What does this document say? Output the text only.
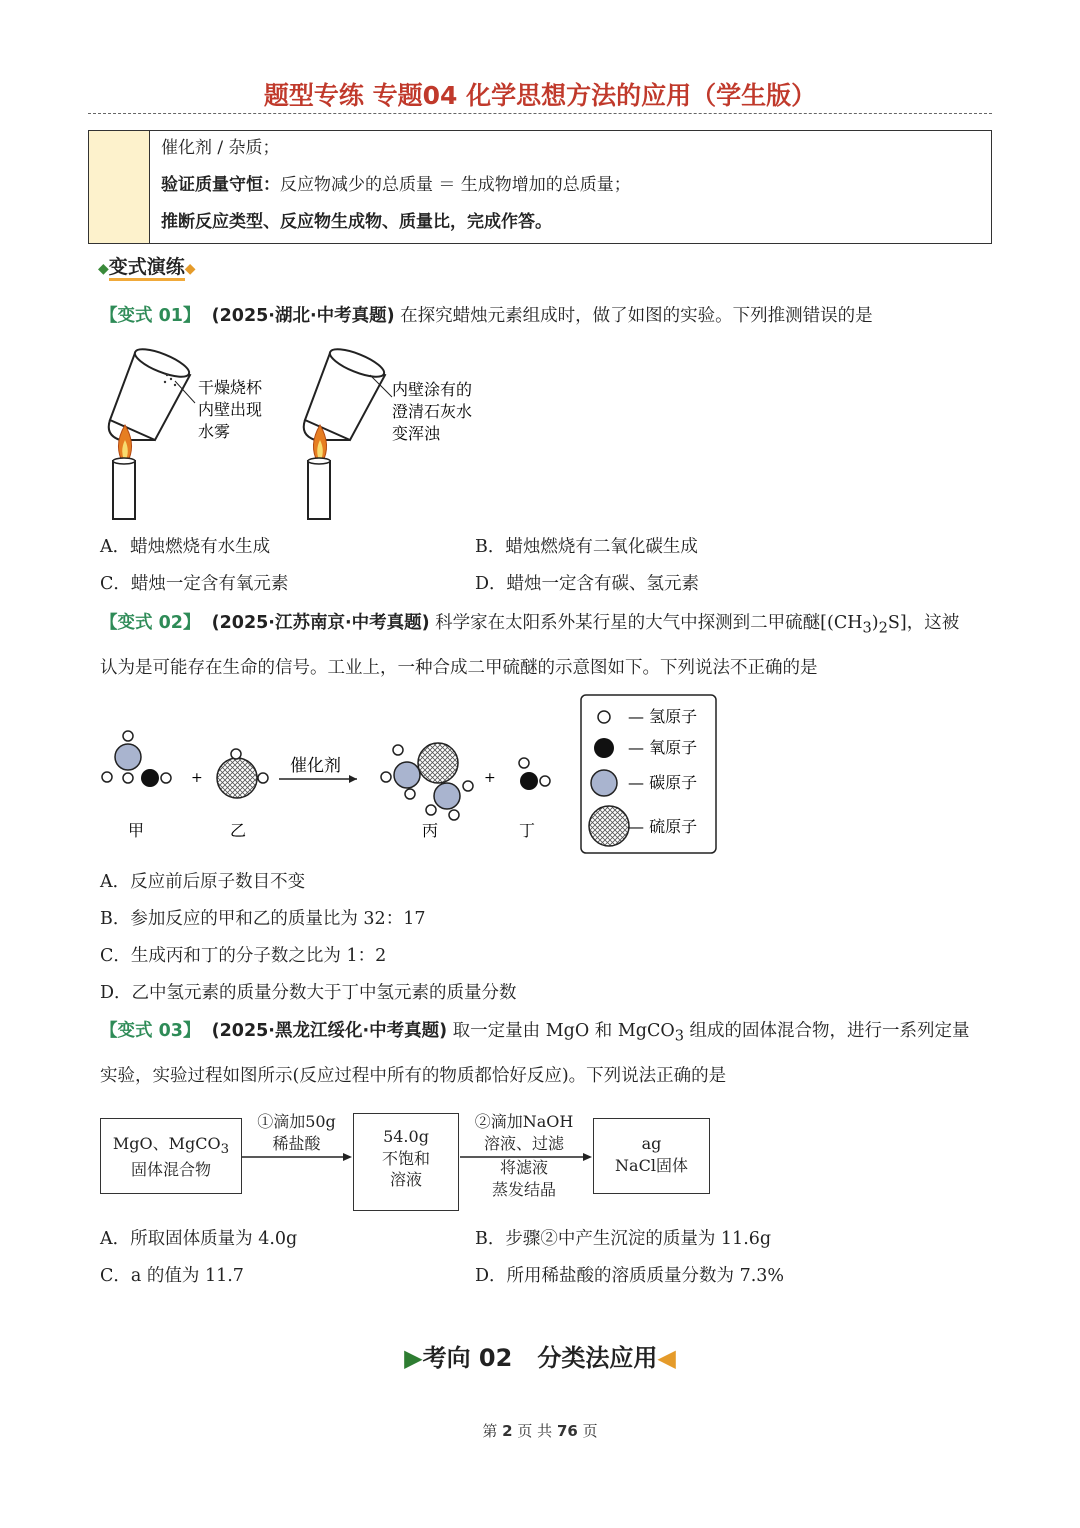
题型专练 专题04 化学思想方法的应用（学生版）
催化剂 / 杂质；
验证质量守恒：反应物减少的总质量 ＝ 生成物增加的总质量；
推断反应类型、反应物生成物、质量比，完成作答。
◆变式演练◆
【变式 01】 (2025·湖北·中考真题) 在探究蜡烛元素组成时，做了如图的实验。下列推测错误的是
干燥烧杯
内壁出现
水雾
内壁涂有的
澄清石灰水
变浑浊
A．蜡烛燃烧有水生成	B．蜡烛燃烧有二氧化碳生成
C．蜡烛一定含有氧元素	D．蜡烛一定含有碳、氢元素
【变式 02】 (2025·江苏南京·中考真题) 科学家在太阳系外某行星的大气中探测到二甲硫醚$[(CH_3)_2S]$，这被
认为是可能存在生命的信号。工业上，一种合成二甲硫醚的示意图如下。下列说法不正确的是
+
催化剂
+
甲	乙	丙	丁
— 氢原子
— 氧原子
— 碳原子
— 硫原子
A．反应前后原子数目不变
B．参加反应的甲和乙的质量比为 32：17
C．生成丙和丁的分子数之比为 1：2
D．乙中氢元素的质量分数大于丁中氢元素的质量分数
【变式 03】 (2025·黑龙江绥化·中考真题) 取一定量由 MgO 和 MgCO$_3$ 组成的固体混合物，进行一系列定量
实验，实验过程如图所示(反应过程中所有的物质都恰好反应)。下列说法正确的是
MgO、MgCO$_3$
固体混合物
①滴加50g
稀盐酸	54.0g
不饱和
溶液
②滴加NaOH
溶液、过滤
将滤液
蒸发结晶
ag
NaCl固体
A．所取固体质量为 4.0g	B．步骤②中产生沉淀的质量为 11.6g
C．a 的值为 11.7	D．所用稀盐酸的溶质质量分数为 7.3%
▶考向 02 分类法应用◀
第 2 页 共 76 页
